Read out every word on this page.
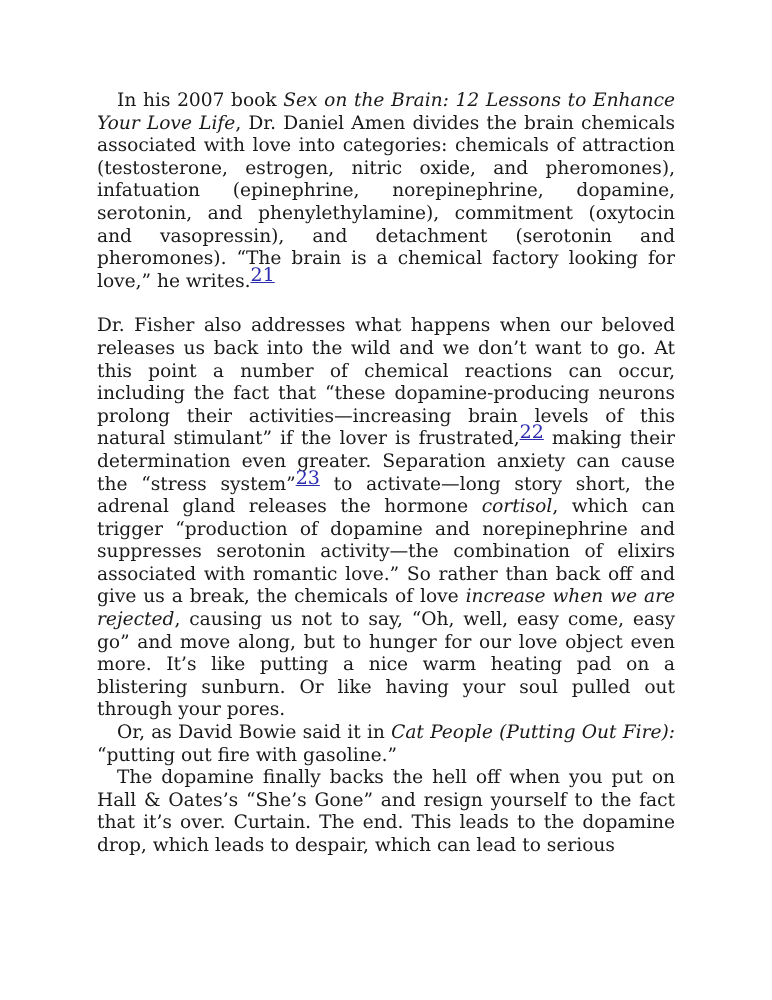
In his 2007 book Sex on the Brain: 12 Lessons to Enhance Your Love Life, Dr. Daniel Amen divides the brain chemicals associated with love into categories: chemicals of attraction (testosterone, estrogen, nitric oxide, and pheromones), infatuation (epinephrine, norepinephrine, dopamine, serotonin, and phenylethylamine), commitment (oxytocin and vasopressin), and detachment (serotonin and pheromones). “The brain is a chemical factory looking for love,” he writes.21

Dr. Fisher also addresses what happens when our beloved releases us back into the wild and we don’t want to go. At this point a number of chemical reactions can occur, including the fact that “these dopamine-producing neurons prolong their activities—increasing brain levels of this natural stimulant” if the lover is frustrated,22 making their determination even greater. Separation anxiety can cause the “stress system”23 to activate—long story short, the adrenal gland releases the hormone cortisol, which can trigger “production of dopamine and norepinephrine and suppresses serotonin activity—the combination of elixirs associated with romantic love.” So rather than back off and give us a break, the chemicals of love increase when we are rejected, causing us not to say, “Oh, well, easy come, easy go” and move along, but to hunger for our love object even more. It’s like putting a nice warm heating pad on a blistering sunburn. Or like having your soul pulled out through your pores.

Or, as David Bowie said it in Cat People (Putting Out Fire): “putting out fire with gasoline.”

The dopamine finally backs the hell off when you put on Hall & Oates’s “She’s Gone” and resign yourself to the fact that it’s over. Curtain. The end. This leads to the dopamine drop, which leads to despair, which can lead to serious
